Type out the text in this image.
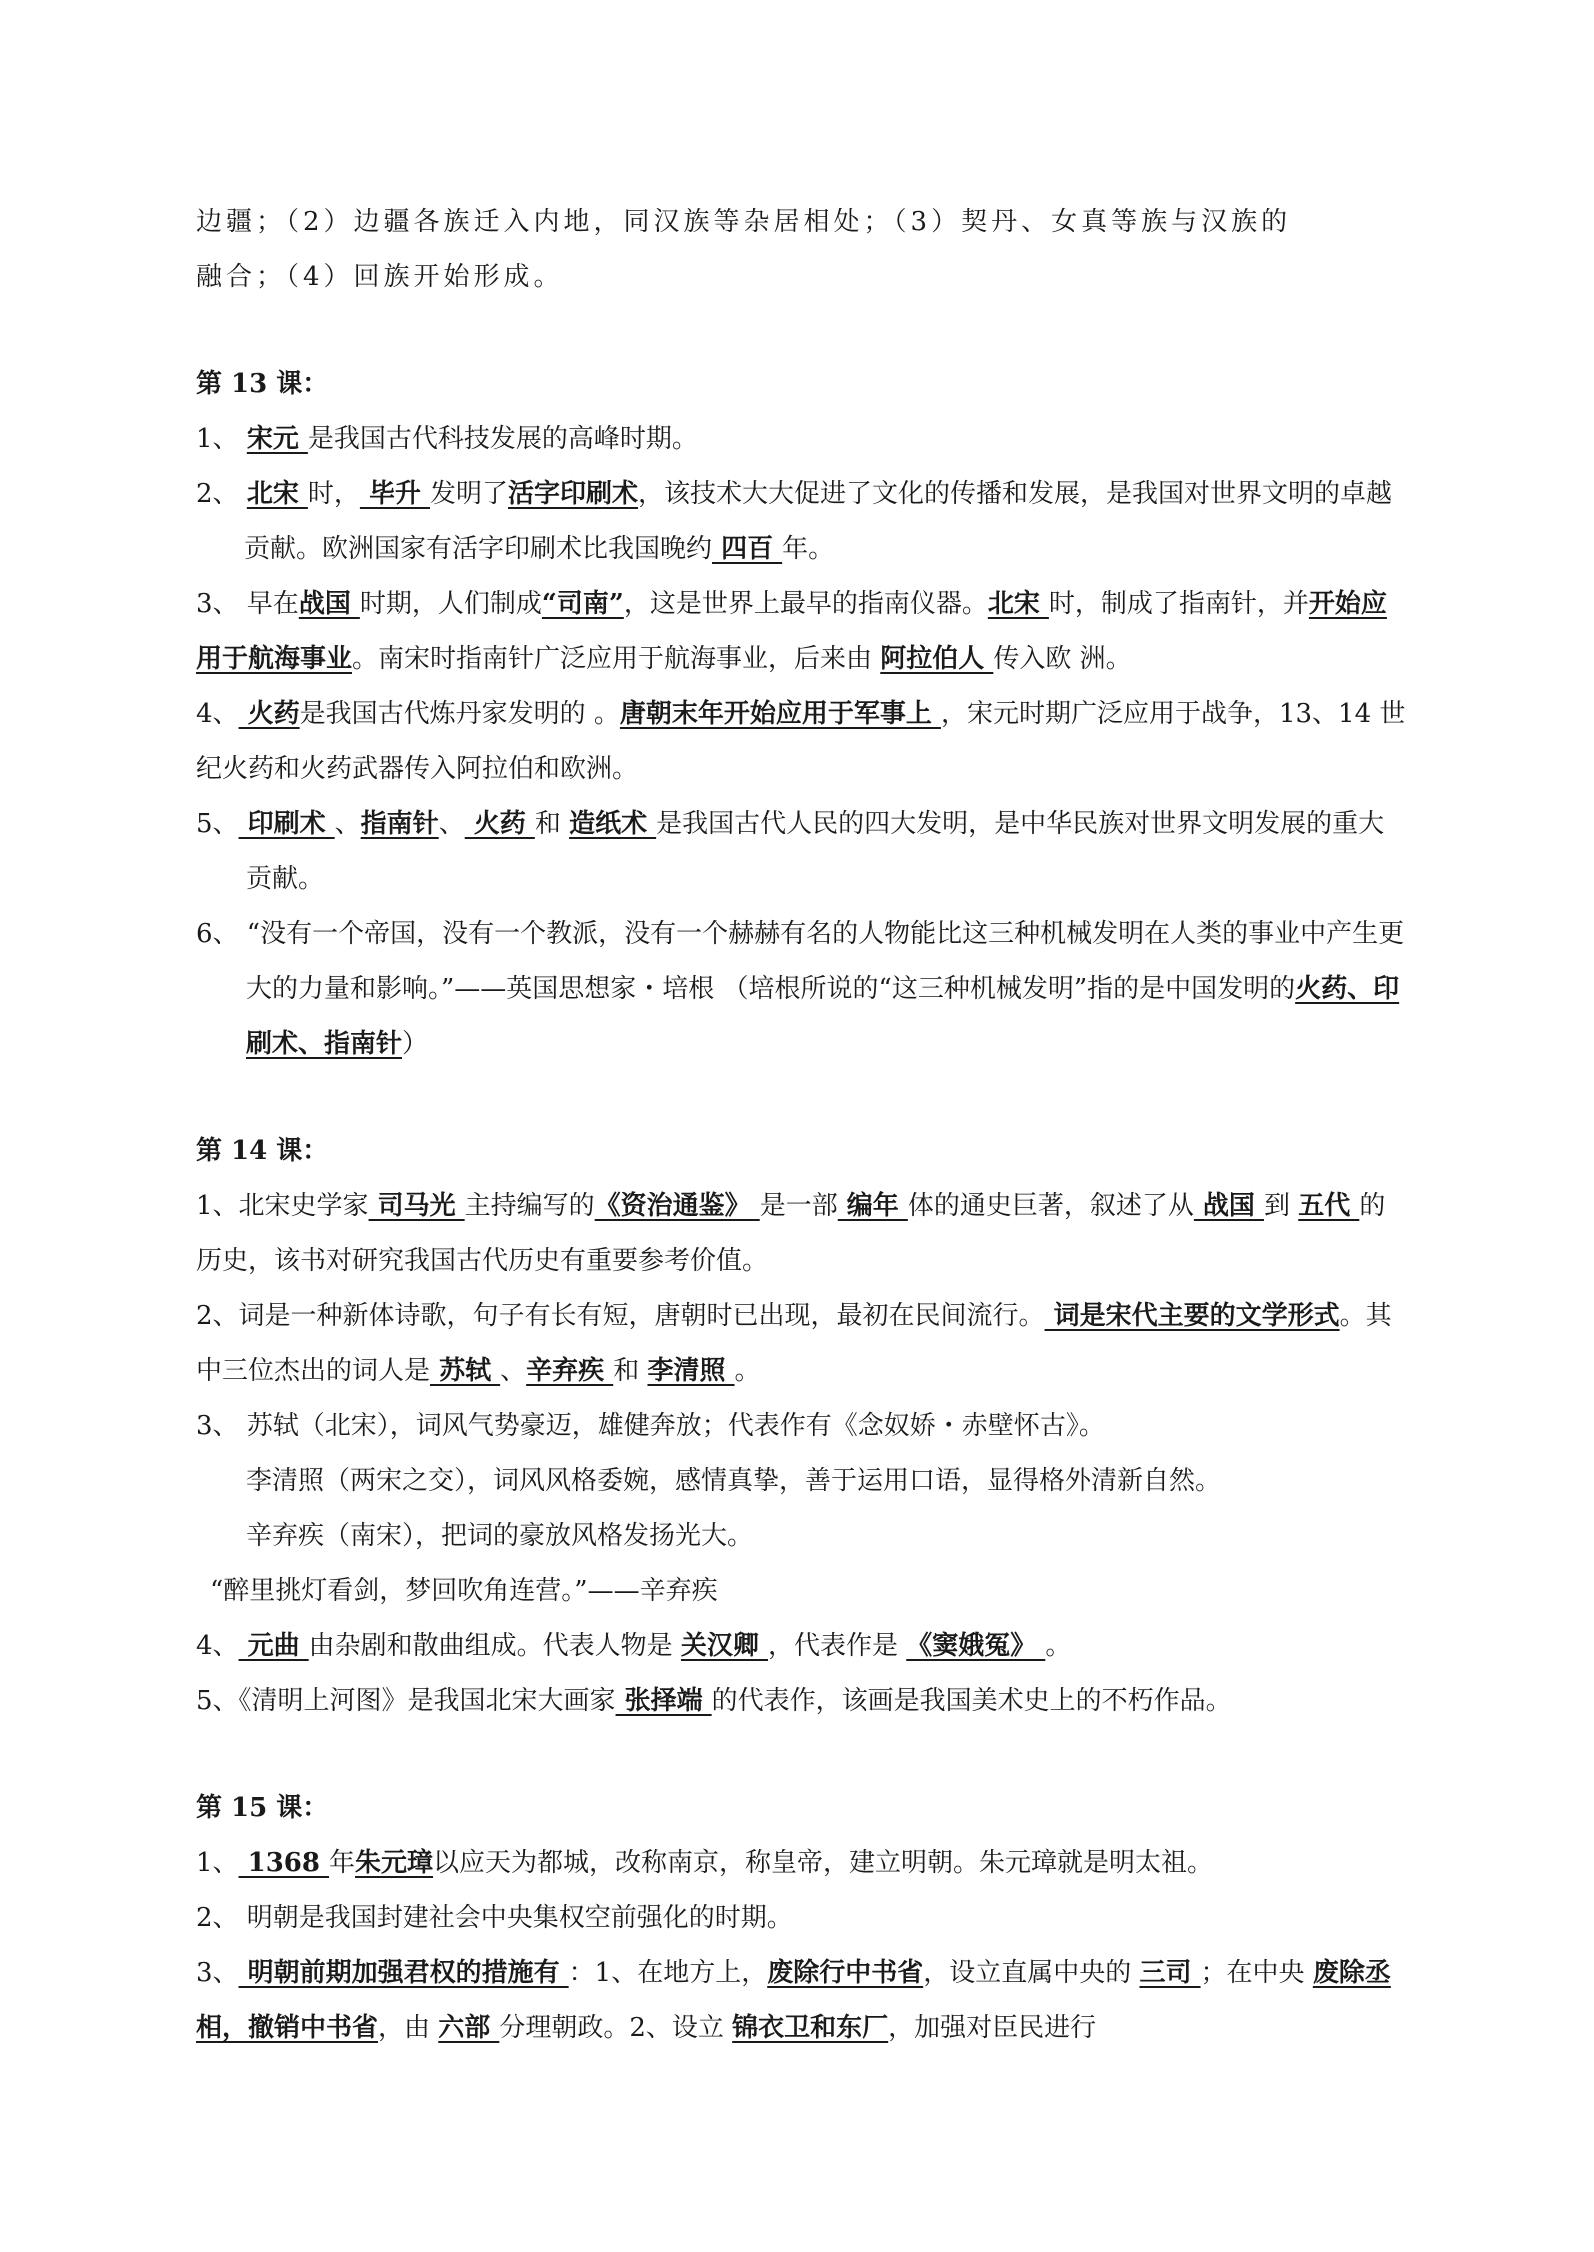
边疆；（2）边疆各族迁入内地，同汉族等杂居相处；（3）契丹、女真等族与汉族的

融合；（4）回族开始形成。

第 13 课：

1、 宋元 是我国古代科技发展的高峰时期。

2、 北宋 时， 毕升 发明了活字印刷术，该技术大大促进了文化的传播和发展，是我国对世界文明的卓越贡献。欧洲国家有活字印刷术比我国晚约 四百 年。

3、 早在战国 时期，人们制成“司南”，这是世界上最早的指南仪器。北宋 时，制成了指南针，并开始应用于航海事业。南宋时指南针广泛应用于航海事业，后来由 阿拉伯人 传入欧 洲。

4、 火药是我国古代炼丹家发明的 。唐朝末年开始应用于军事上 ，宋元时期广泛应用于战争，13、14 世纪火药和火药武器传入阿拉伯和欧洲。

5、 印刷术 、指南针、 火药 和 造纸术 是我国古代人民的四大发明，是中华民族对世界文明发展的重大贡献。

6、 “没有一个帝国，没有一个教派，没有一个赫赫有名的人物能比这三种机械发明在人类的事业中产生更大的力量和影响。”——英国思想家・培根 （培根所说的“这三种机械发明”指的是中国发明的火药、印刷术、指南针）

第 14 课：

1、北宋史学家 司马光 主持编写的《资治通鉴》 是一部 编年 体的通史巨著，叙述了从 战国 到 五代 的历史，该书对研究我国古代历史有重要参考价值。

2、词是一种新体诗歌，句子有长有短，唐朝时已出现，最初在民间流行。 词是宋代主要的文学形式。其中三位杰出的词人是 苏轼 、辛弃疾 和 李清照 。

3、 苏轼（北宋），词风气势豪迈，雄健奔放；代表作有《念奴娇・赤壁怀古》。

李清照（两宋之交），词风风格委婉，感情真挚，善于运用口语，显得格外清新自然。

辛弃疾（南宋），把词的豪放风格发扬光大。

“醉里挑灯看剑，梦回吹角连营。”——辛弃疾

4、 元曲 由杂剧和散曲组成。代表人物是 关汉卿 ，代表作是 《窦娥冤》 。

5、《清明上河图》是我国北宋大画家 张择端 的代表作，该画是我国美术史上的不朽作品。

第 15 课：

1、 1368 年朱元璋以应天为都城，改称南京，称皇帝，建立明朝。朱元璋就是明太祖。

2、 明朝是我国封建社会中央集权空前强化的时期。

3、 明朝前期加强君权的措施有 ：1、在地方上，废除行中书省，设立直属中央的 三司 ；在中央 废除丞相，撤销中书省，由 六部 分理朝政。2、设立 锦衣卫和东厂，加强对臣民进行
